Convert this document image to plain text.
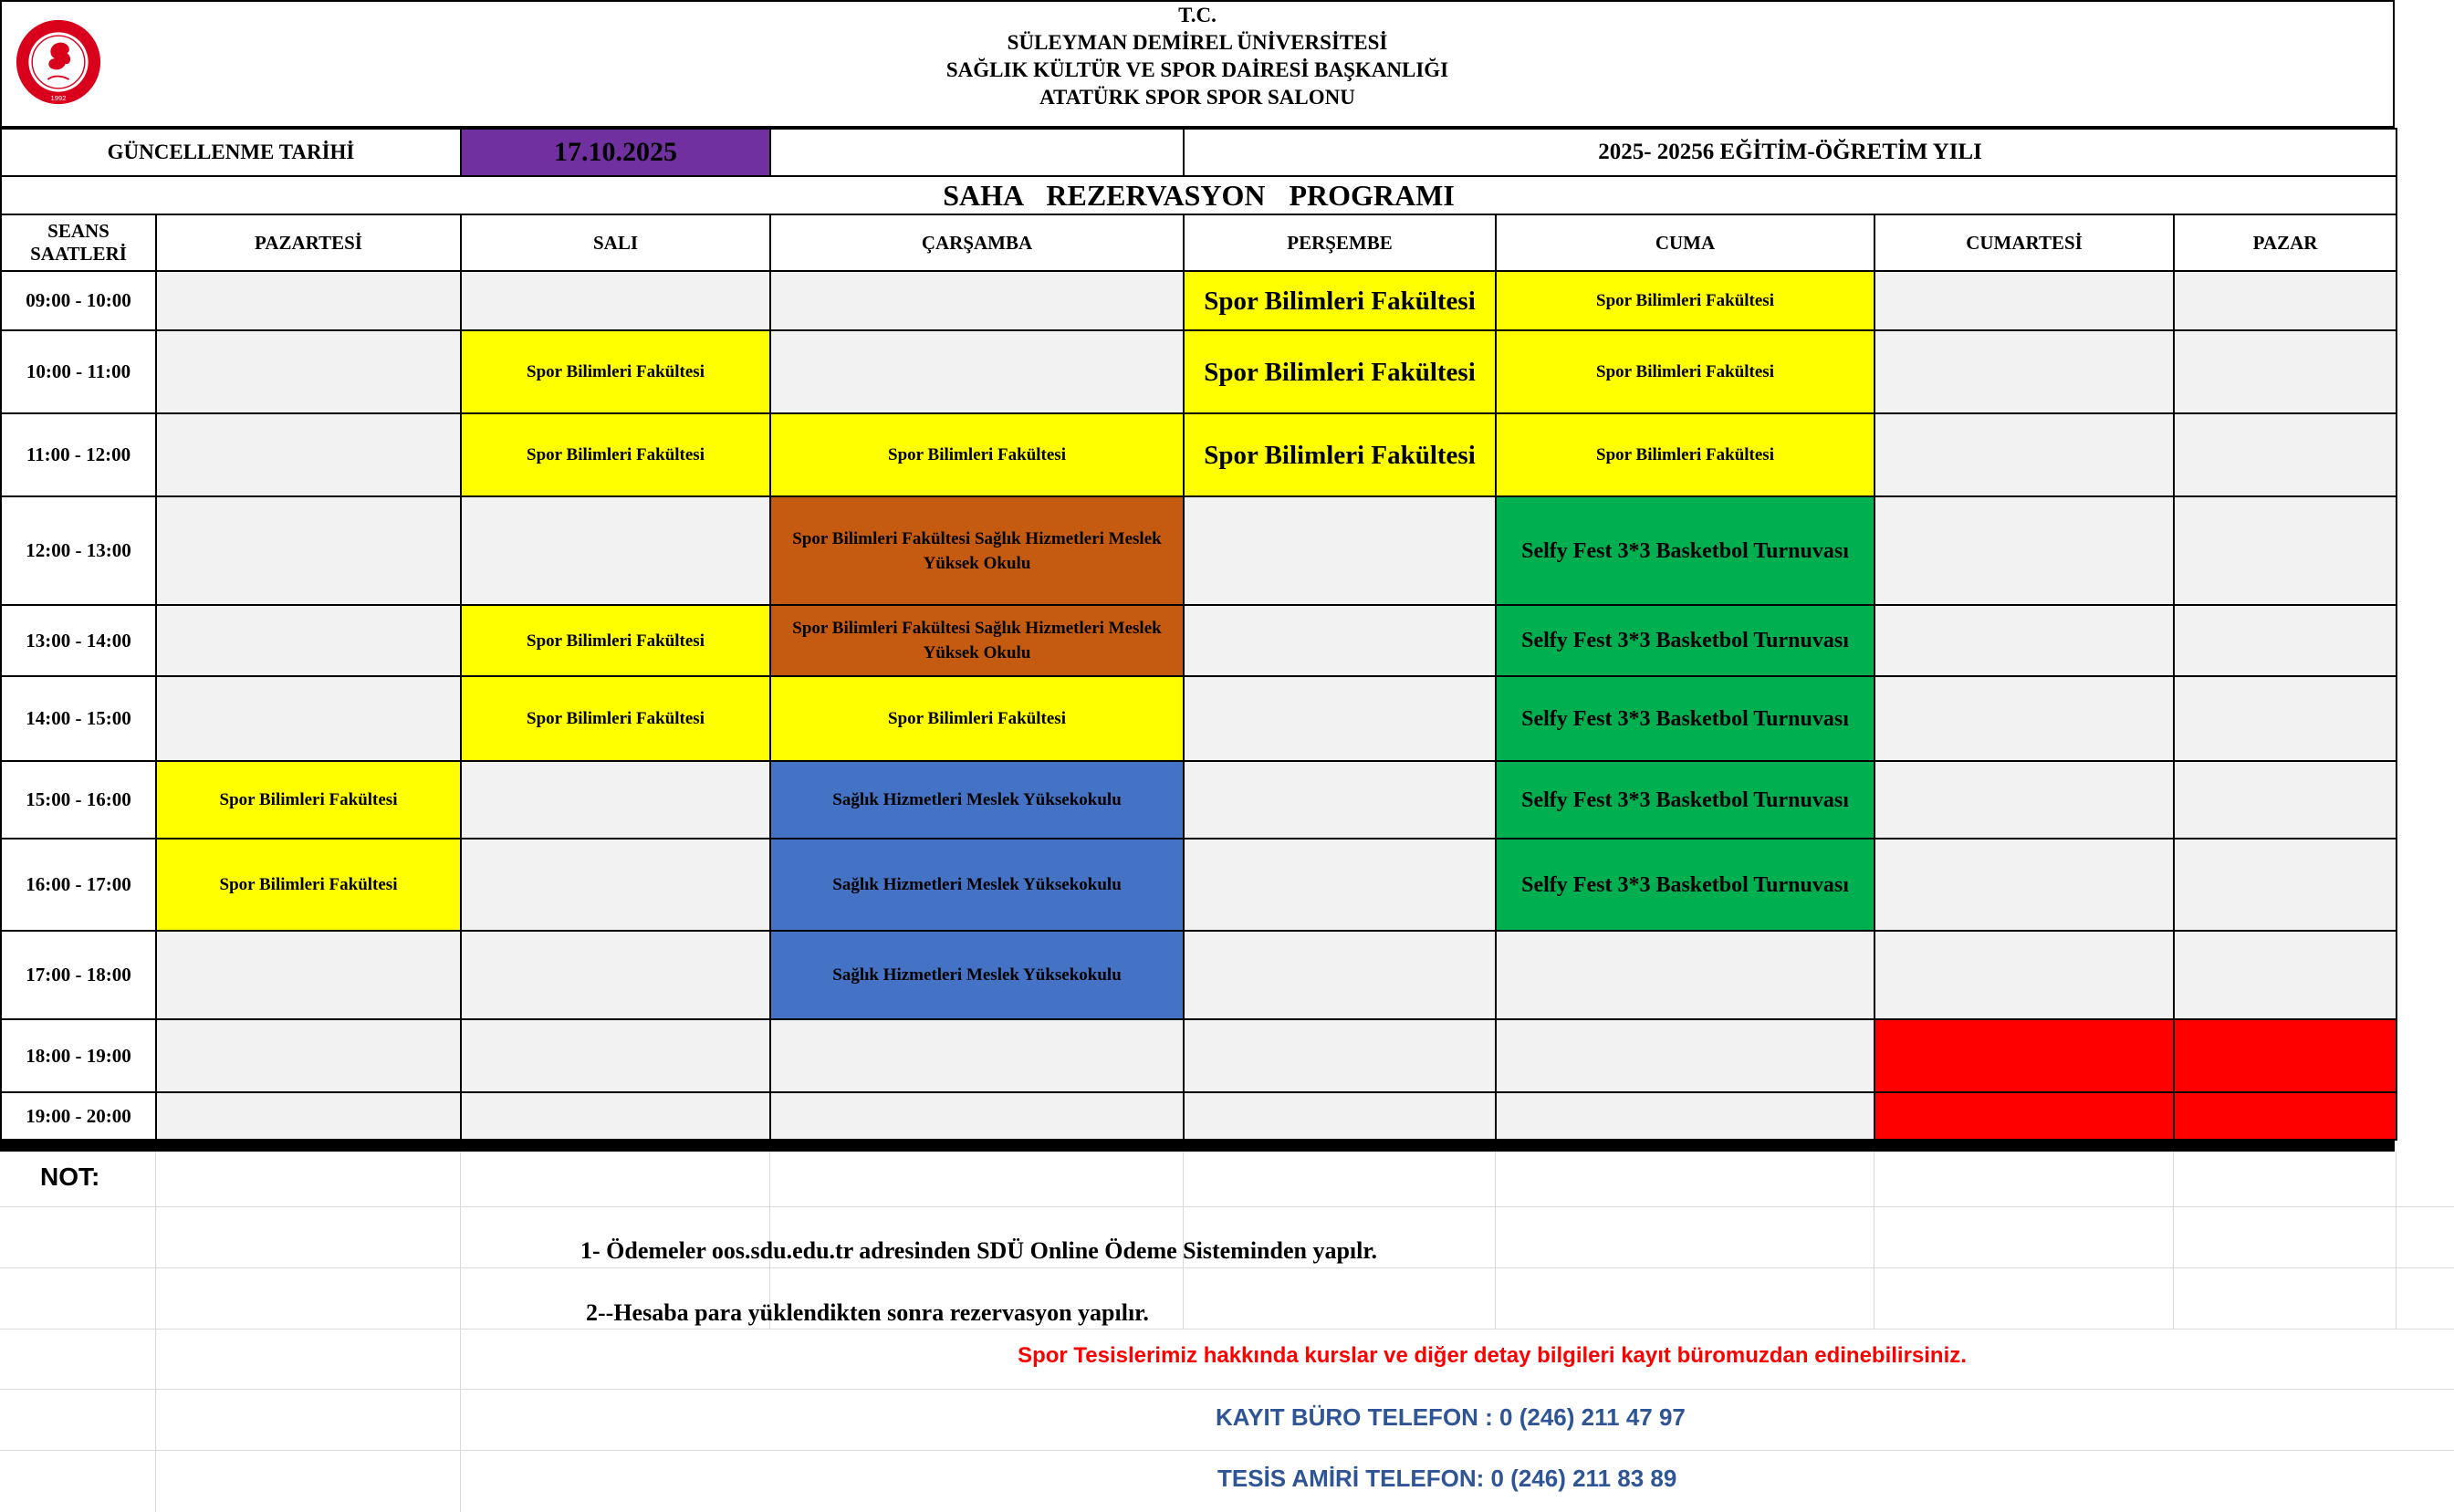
1992
T.C.
SÜLEYMAN DEMİREL ÜNİVERSİTESİ
SAĞLIK KÜLTÜR VE SPOR DAİRESİ BAŞKANLIĞI
ATATÜRK SPOR SPOR SALONU
GÜNCELLENME TARİHİ		17.10.2025		2025- 20256 EĞİTİM-ÖĞRETİM YILI			
SAHA REZERVASYON PROGRAMI							
SEANS SAATLERİ	PAZARTESİ	SALI	ÇARŞAMBA	PERŞEMBE	CUMA	CUMARTESİ	PAZAR
09:00 - 10:00				Spor Bilimleri Fakültesi	Spor Bilimleri Fakültesi		
10:00 - 11:00		Spor Bilimleri Fakültesi		Spor Bilimleri Fakültesi	Spor Bilimleri Fakültesi		
11:00 - 12:00		Spor Bilimleri Fakültesi	Spor Bilimleri Fakültesi	Spor Bilimleri Fakültesi	Spor Bilimleri Fakültesi		
12:00 - 13:00			Spor Bilimleri Fakültesi Sağlık Hizmetleri Meslek Yüksek Okulu		Selfy Fest 3*3 Basketbol Turnuvası		
13:00 - 14:00		Spor Bilimleri Fakültesi	Spor Bilimleri Fakültesi Sağlık Hizmetleri Meslek Yüksek Okulu		Selfy Fest 3*3 Basketbol Turnuvası		
14:00 - 15:00		Spor Bilimleri Fakültesi	Spor Bilimleri Fakültesi		Selfy Fest 3*3 Basketbol Turnuvası		
15:00 - 16:00	Spor Bilimleri Fakültesi		Sağlık Hizmetleri Meslek Yüksekokulu		Selfy Fest 3*3 Basketbol Turnuvası		
16:00 - 17:00	Spor Bilimleri Fakültesi		Sağlık Hizmetleri Meslek Yüksekokulu		Selfy Fest 3*3 Basketbol Turnuvası		
17:00 - 18:00			Sağlık Hizmetleri Meslek Yüksekokulu				
18:00 - 19:00							
19:00 - 20:00							
NOT:
1- Ödemeler oos.sdu.edu.tr adresinden SDÜ Online Ödeme Sisteminden yapılr.
2--Hesaba para yüklendikten sonra rezervasyon yapılır.
Spor Tesislerimiz hakkında kurslar ve diğer detay bilgileri kayıt büromuzdan edinebilirsiniz.
KAYIT BÜRO TELEFON : 0 (246) 211 47 97
TESİS AMİRİ TELEFON: 0 (246) 211 83 89
